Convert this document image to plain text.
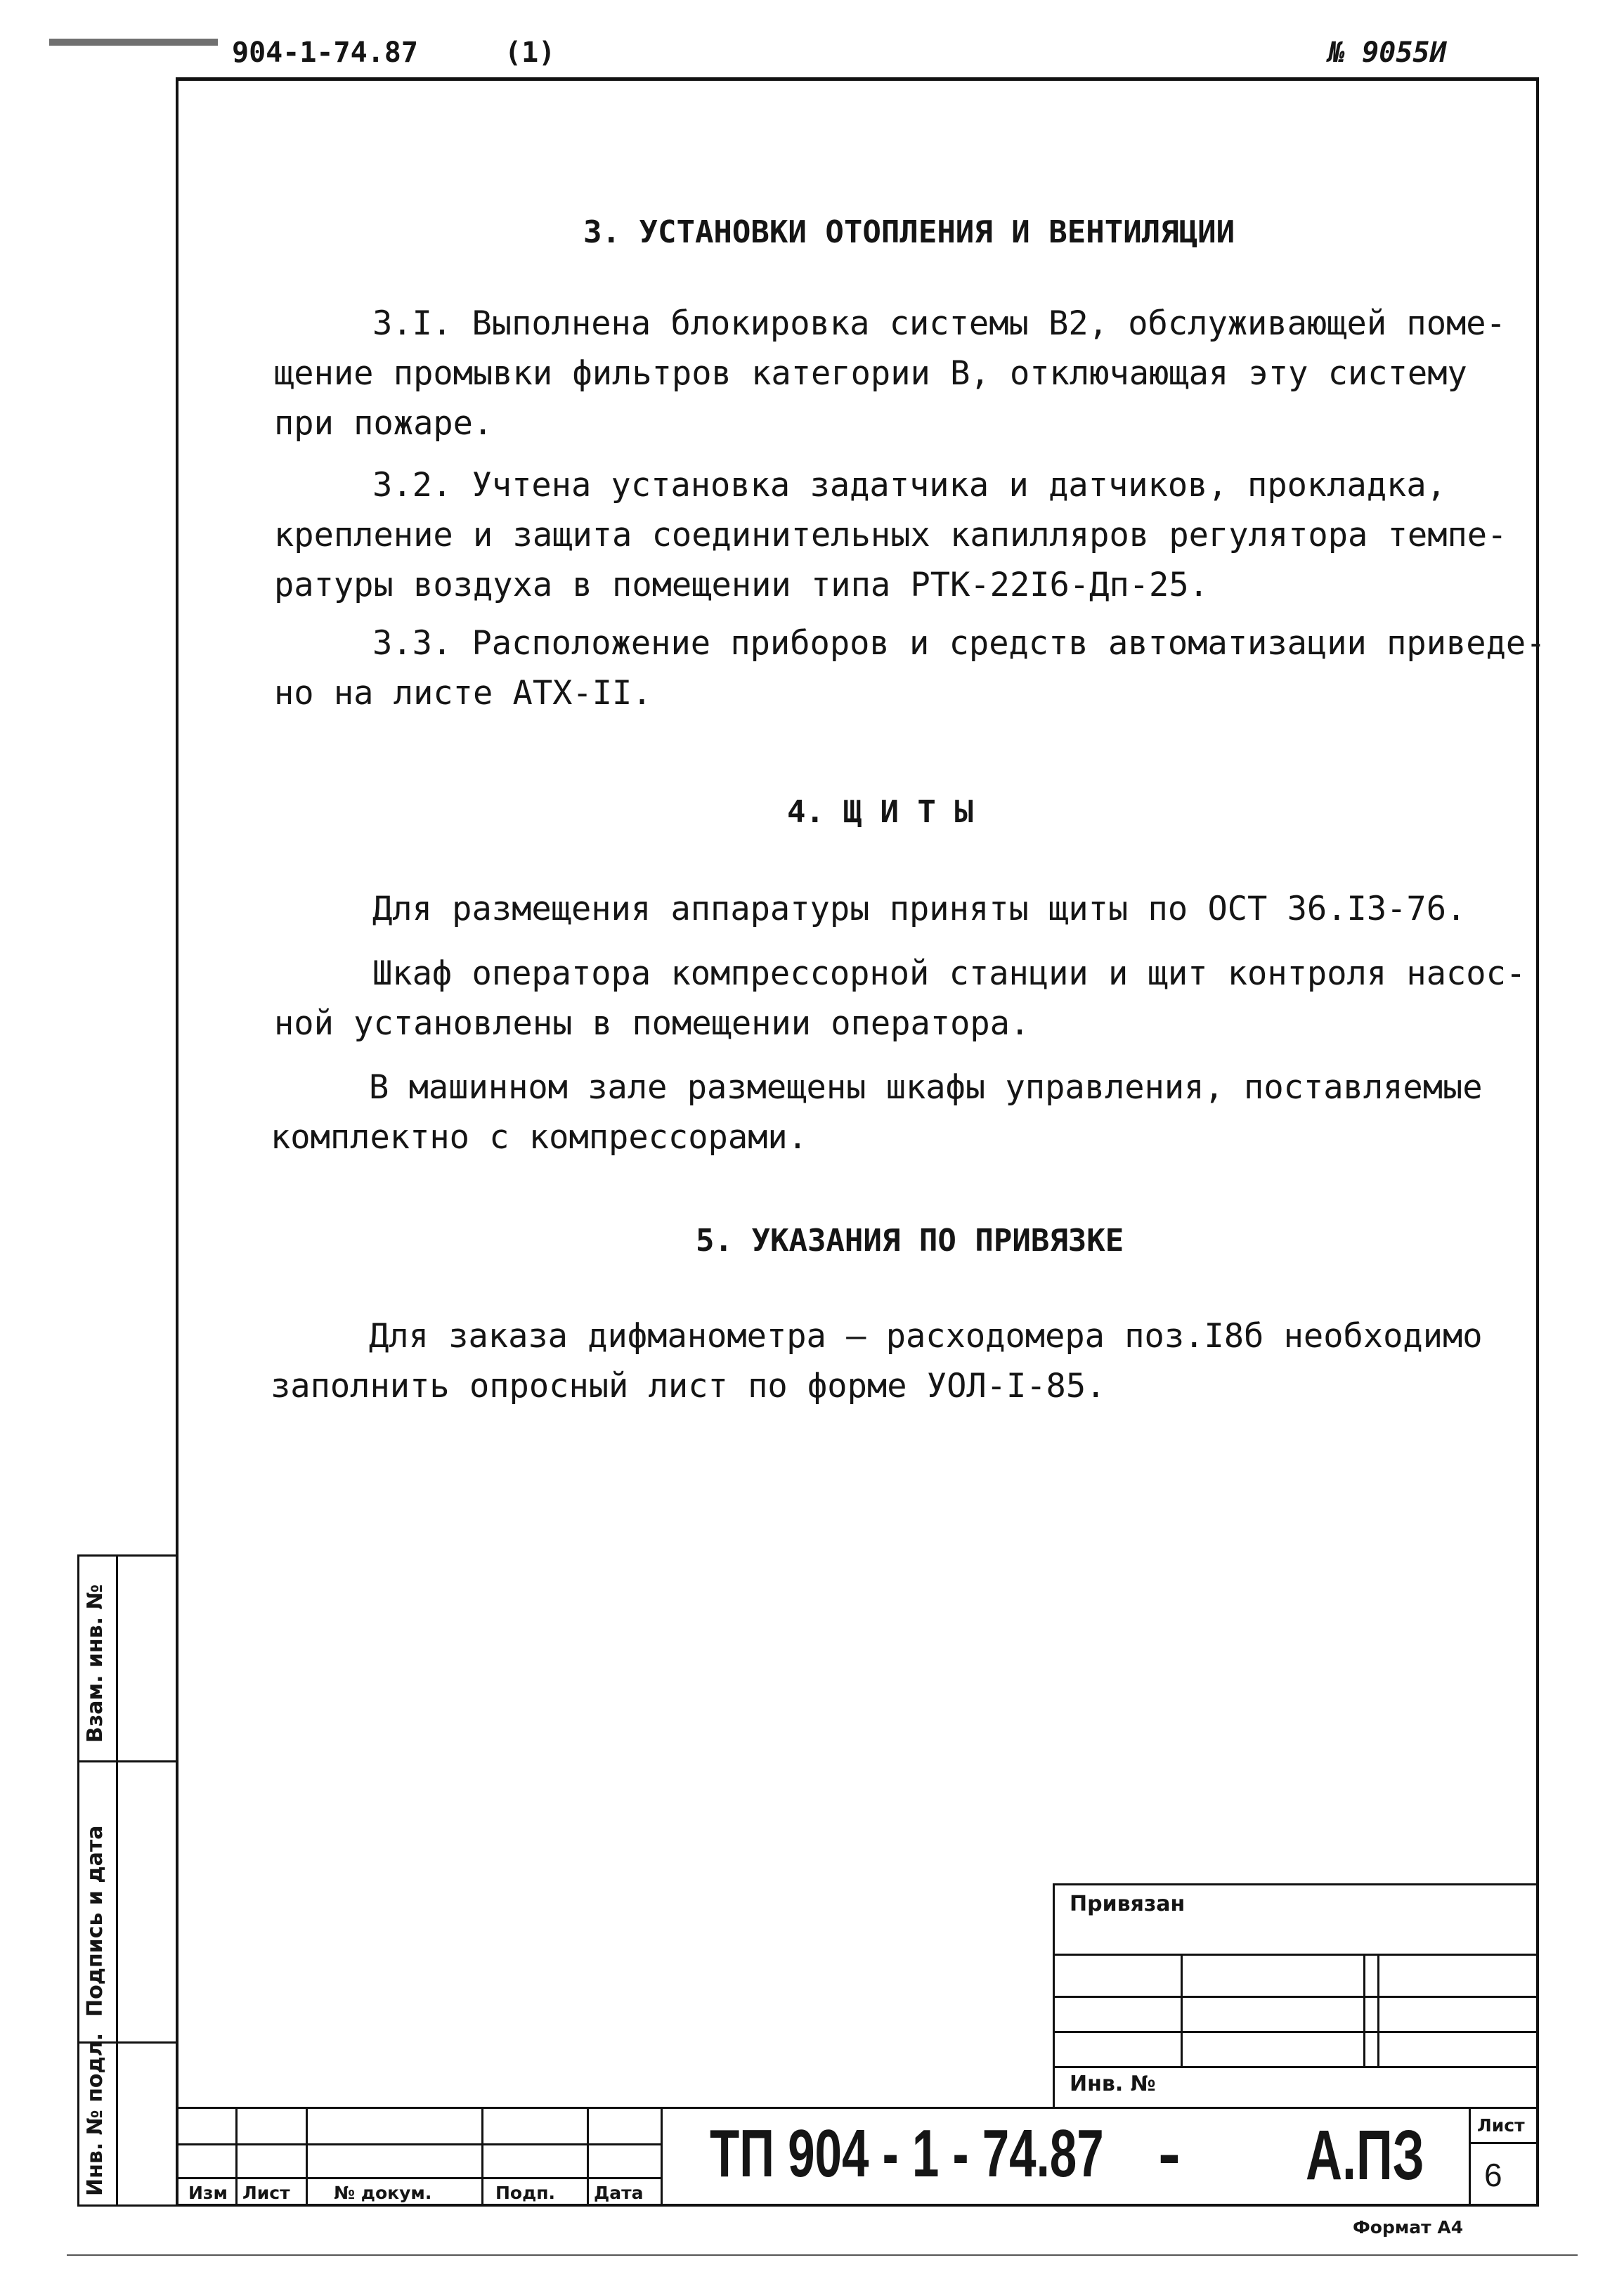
904-1-74.87	(1)	№ 9055И
3. УСТАНОВКИ ОТОПЛЕНИЯ И ВЕНТИЛЯЦИИ
3.I. Выполнена блокировка системы В2, обслуживающей поме-
щение промывки фильтров категории В, отключающая эту систему
при пожаре.
3.2. Учтена установка задатчика и датчиков, прокладка,
крепление и защита соединительных капилляров регулятора темпе-
ратуры воздуха в помещении типа РТК-22I6-Дп-25.
3.3. Расположение приборов и средств автоматизации приведе-
но на листе АТХ-II.
4. Щ И Т Ы
Для размещения аппаратуры приняты щиты по ОСТ 36.I3-76.
Шкаф оператора компрессорной станции и щит контроля насос-
ной установлены в помещении оператора.
В машинном зале размещены шкафы управления, поставляемые
комплектно с компрессорами.
5. УКАЗАНИЯ ПО ПРИВЯЗКЕ
Для заказа дифманометра – расходомера поз.I8б необходимо
заполнить опросный лист по форме УОЛ-I-85.
Взам. инв. №
Подпись и дата
Инв. № подл.
Привязан
Инв. №
Изм Лист № докум.	Подп. Дата
ТП 904 - 1 - 74.87 - А.ПЗ	Лист
6
Формат А4
